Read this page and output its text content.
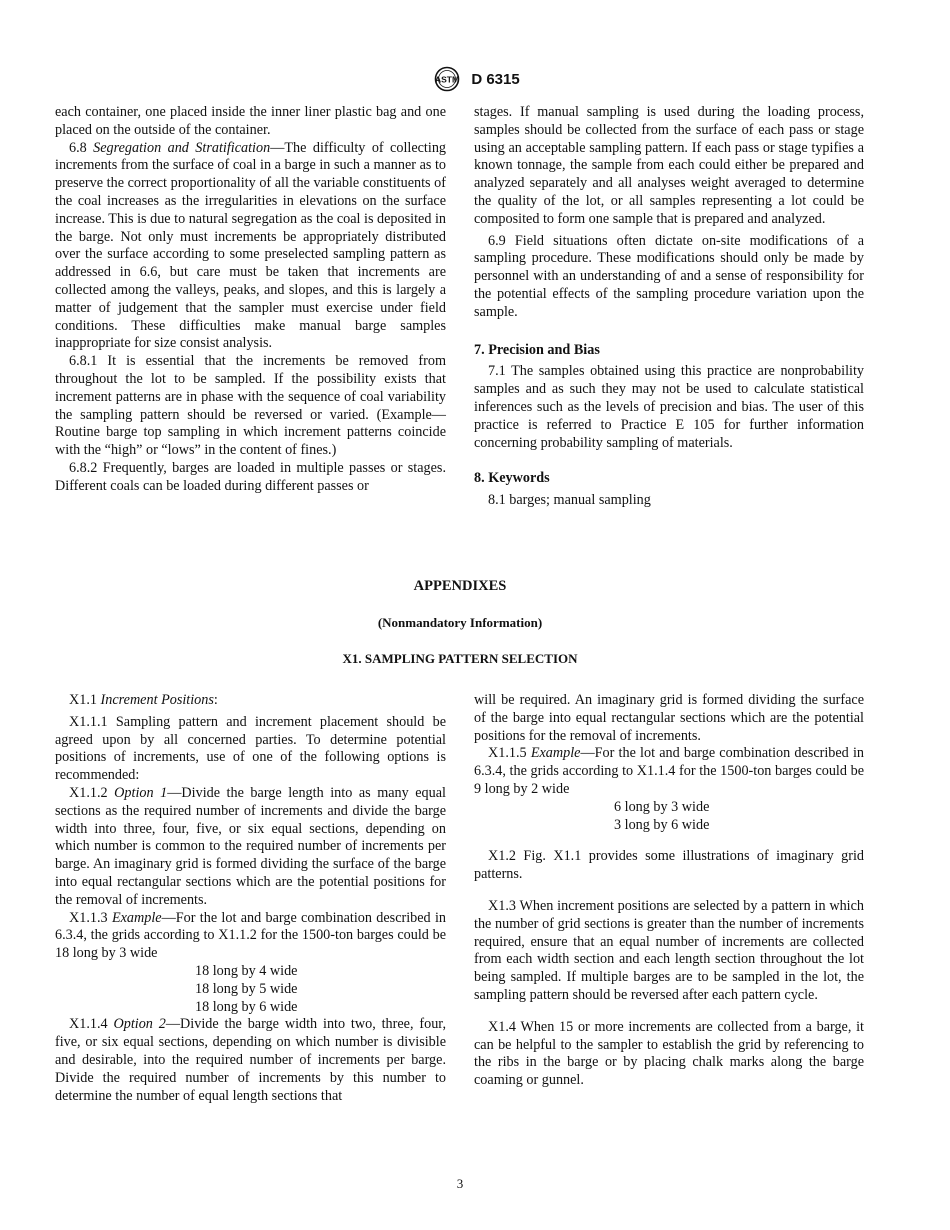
ASTM D 6315

each container, one placed inside the inner liner plastic bag and one placed on the outside of the container.

6.8 Segregation and Stratification—The difficulty of collecting increments from the surface of coal in a barge in such a manner as to preserve the correct proportionality of all the variable constituents of the coal increases as the irregularities in elevations on the surface increase. This is due to natural segregation as the coal is deposited in the barge. Not only must increments be appropriately distributed over the surface according to some preselected sampling pattern as addressed in 6.6, but care must be taken that increments are collected among the valleys, peaks, and slopes, and this is largely a matter of judgement that the sampler must exercise under field conditions. These difficulties make manual barge samples inappropriate for size consist analysis.

6.8.1 It is essential that the increments be removed from throughout the lot to be sampled. If the possibility exists that increment patterns are in phase with the sequence of coal variability the sampling pattern should be reversed or varied. (Example—Routine barge top sampling in which increment patterns coincide with the “high” or “lows” in the content of fines.)

6.8.2 Frequently, barges are loaded in multiple passes or stages. Different coals can be loaded during different passes or

stages. If manual sampling is used during the loading process, samples should be collected from the surface of each pass or stage using an acceptable sampling pattern. If each pass or stage typifies a known tonnage, the sample from each could either be prepared and analyzed separately and all analyses weight averaged to determine the quality of the lot, or all samples representing a lot could be composited to form one sample that is prepared and analyzed.

6.9 Field situations often dictate on-site modifications of a sampling procedure. These modifications should only be made by personnel with an understanding of and a sense of responsibility for the potential effects of the sampling procedure variation upon the sample.

7. Precision and Bias

7.1 The samples obtained using this practice are nonprobability samples and as such they may not be used to calculate statistical inferences such as the levels of precision and bias. The user of this practice is referred to Practice E 105 for further information concerning probability sampling of materials.

8. Keywords

8.1 barges; manual sampling

APPENDIXES
(Nonmandatory Information)
X1. SAMPLING PATTERN SELECTION

X1.1 Increment Positions:

X1.1.1 Sampling pattern and increment placement should be agreed upon by all concerned parties. To determine potential positions of increments, use of one of the following options is recommended:

X1.1.2 Option 1—Divide the barge length into as many equal sections as the required number of increments and divide the barge width into three, four, five, or six equal sections, depending on which number is common to the required number of increments per barge. An imaginary grid is formed dividing the surface of the barge into equal rectangular sections which are the potential positions for the removal of increments.

X1.1.3 Example—For the lot and barge combination described in 6.3.4, the grids according to X1.1.2 for the 1500-ton barges could be 18 long by 3 wide

18 long by 4 wide

18 long by 5 wide

18 long by 6 wide

X1.1.4 Option 2—Divide the barge width into two, three, four, five, or six equal sections, depending on which number is divisible and desirable, into the required number of increments per barge. Divide the required number of increments by this number to determine the number of equal length sections that

will be required. An imaginary grid is formed dividing the surface of the barge into equal rectangular sections which are the potential positions for the removal of increments.

X1.1.5 Example—For the lot and barge combination described in 6.3.4, the grids according to X1.1.4 for the 1500-ton barges could be 9 long by 2 wide

6 long by 3 wide

3 long by 6 wide

X1.2 Fig. X1.1 provides some illustrations of imaginary grid patterns.

X1.3 When increment positions are selected by a pattern in which the number of grid sections is greater than the number of increments required, ensure that an equal number of increments are collected from each width section and each length section throughout the lot being sampled. If multiple barges are to be sampled in the lot, the sampling pattern should be reversed after each pattern cycle.

X1.4 When 15 or more increments are collected from a barge, it can be helpful to the sampler to establish the grid by referencing to the ribs in the barge or by placing chalk marks along the barge coaming or gunnel.

3
